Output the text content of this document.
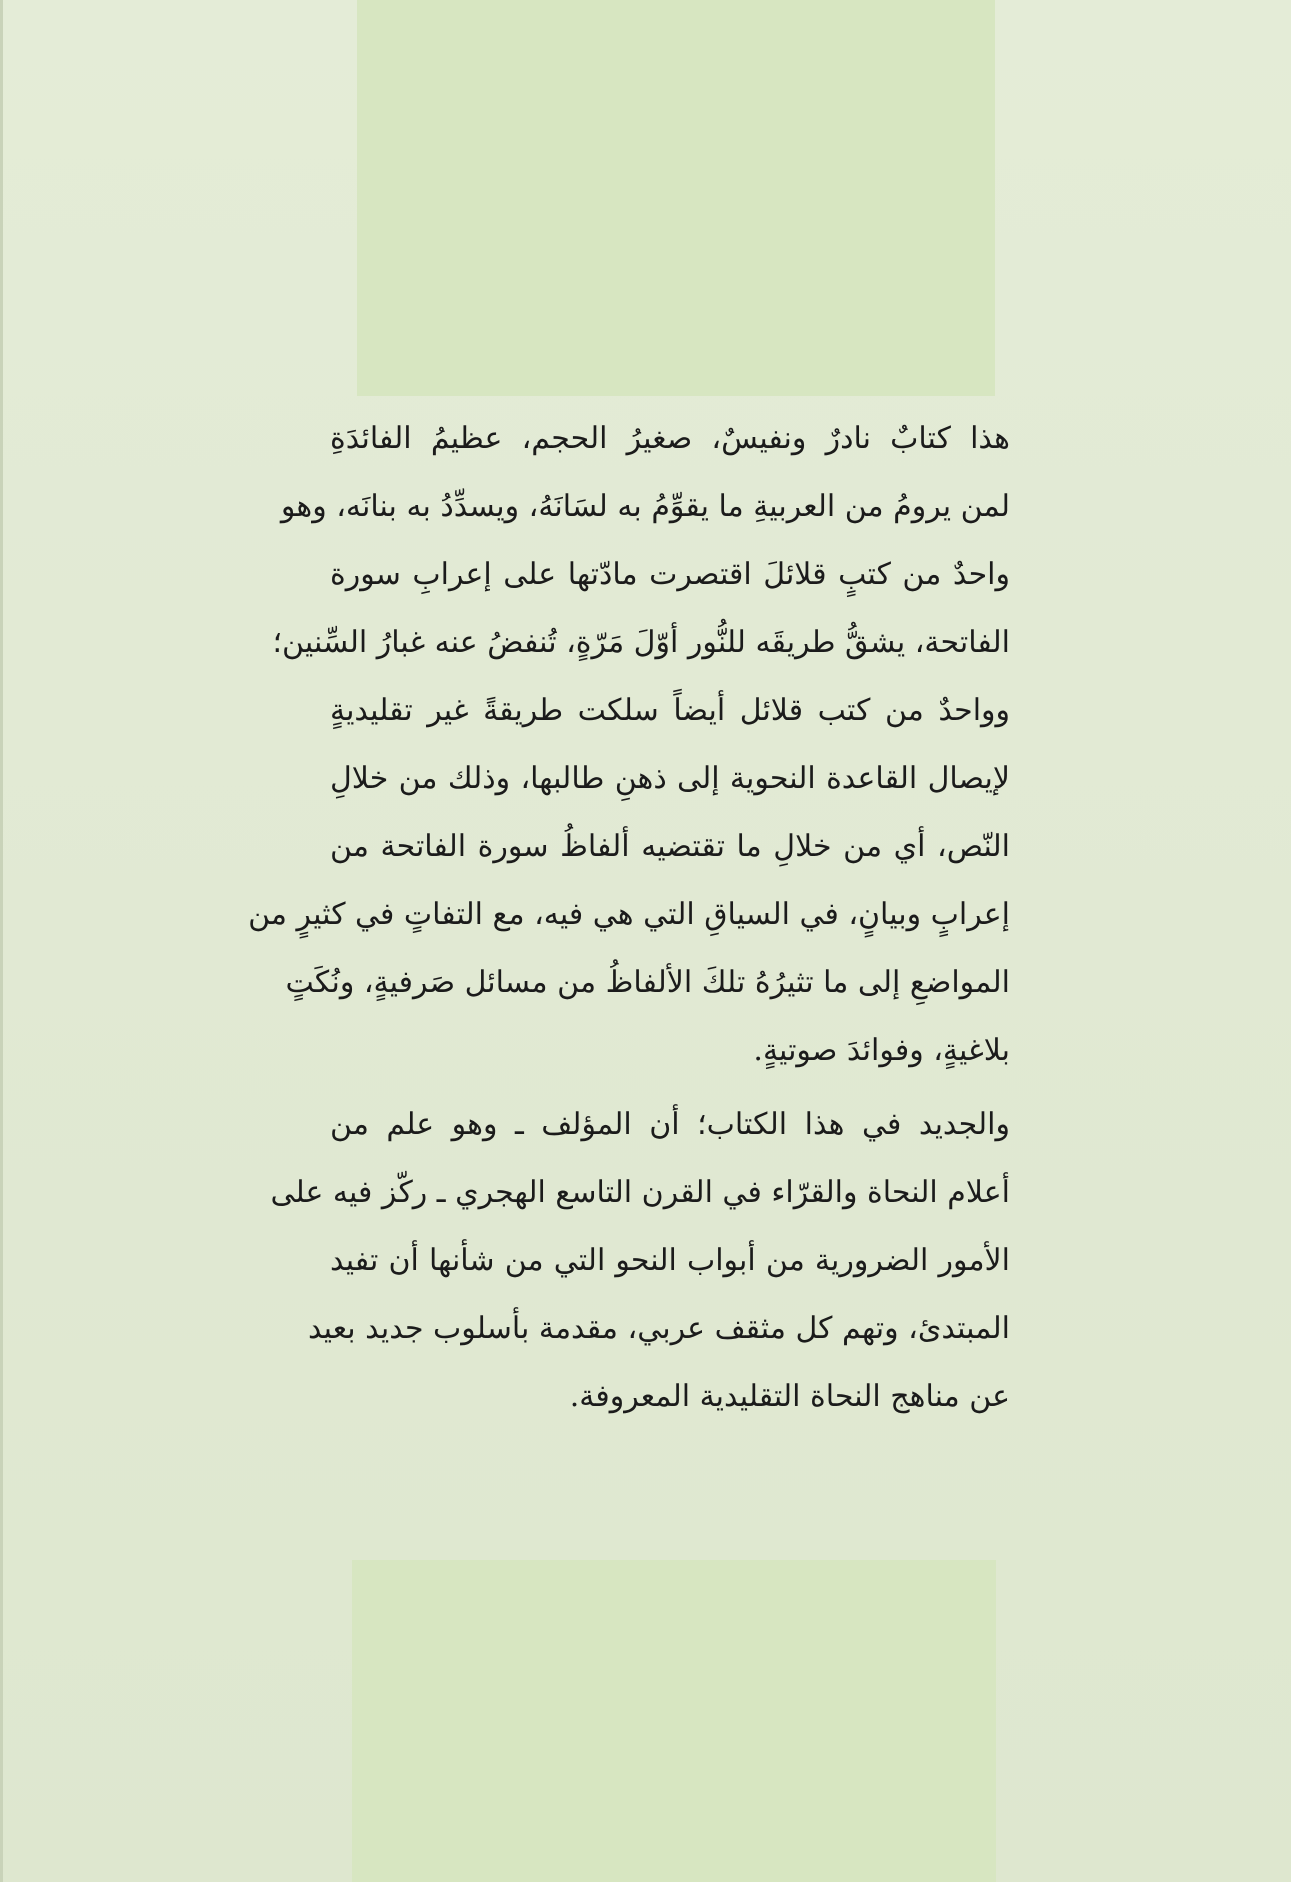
هذا كتابٌ نادرٌ ونفيسٌ، صغيرُ الحجم، عظيمُ الفائدَةِ
لمن يرومُ من العربيةِ ما يقوِّمُ به لسَانَهُ، ويسدِّدُ به بنانَه، وهو
واحدٌ من كتبٍ قلائلَ اقتصرت مادّتها على إعرابِ سورة
الفاتحة، يشقُّ طريقَه للنُّور أوّلَ مَرّةٍ، تُنفضُ عنه غبارُ السِّنين؛
وواحدٌ من كتب قلائل أيضاً سلكت طريقةً غير تقليديةٍ
لإيصال القاعدة النحوية إلى ذهنِ طالبها، وذلك من خلالِ
النّص، أي من خلالِ ما تقتضيه ألفاظُ سورة الفاتحة من
إعرابٍ وبيانٍ، في السياقِ التي هي فيه، مع التفاتٍ في كثيرٍ من
المواضعِ إلى ما تثيرُهُ تلكَ الألفاظُ من مسائل صَرفيةٍ، ونُكَتٍ
بلاغيةٍ، وفوائدَ صوتيةٍ.
والجديد في هذا الكتاب؛ أن المؤلف ـ وهو علم من
أعلام النحاة والقرّاء في القرن التاسع الهجري ـ ركّز فيه على
الأمور الضرورية من أبواب النحو التي من شأنها أن تفيد
المبتدئ، وتهم كل مثقف عربي، مقدمة بأسلوب جديد بعيد
عن مناهج النحاة التقليدية المعروفة.
